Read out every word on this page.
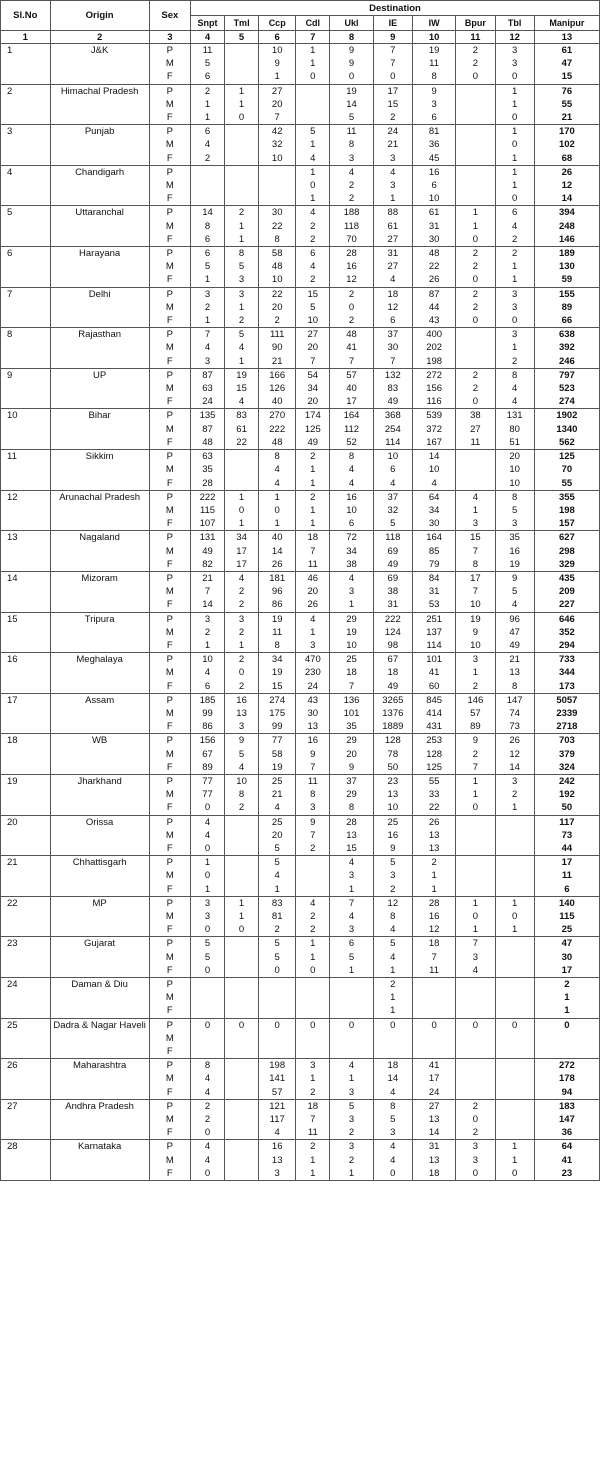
Sl.No	Origin	Sex	Destination									
			Snpt	Tml	Ccp	Cdl	Ukl	IE	IW	Bpur	Tbl	Manipur
1	2	3	4	5	6	7	8	9	10	11	12	13
1	J&K	P	11		10	1	9	7	19	2	3	61
		M	5		9	1	9	7	11	2	3	47
		F	6		1	0	0	0	8	0	0	15
2	Himachal Pradesh	P	2	1	27		19	17	9		1	76
		M	1	1	20		14	15	3		1	55
		F	1	0	7		5	2	6		0	21
3	Punjab	P	6		42	5	11	24	81		1	170
		M	4		32	1	8	21	36		0	102
		F	2		10	4	3	3	45		1	68
4	Chandigarh	P				1	4	4	16		1	26
		M				0	2	3	6		1	12
		F				1	2	1	10		0	14
5	Uttaranchal	P	14	2	30	4	188	88	61	1	6	394
		M	8	1	22	2	118	61	31	1	4	248
		F	6	1	8	2	70	27	30	0	2	146
6	Harayana	P	6	8	58	6	28	31	48	2	2	189
		M	5	5	48	4	16	27	22	2	1	130
		F	1	3	10	2	12	4	26	0	1	59
7	Delhi	P	3	3	22	15	2	18	87	2	3	155
		M	2	1	20	5	0	12	44	2	3	89
		F	1	2	2	10	2	6	43	0	0	66
8	Rajasthan	P	7	5	111	27	48	37	400		3	638
		M	4	4	90	20	41	30	202		1	392
		F	3	1	21	7	7	7	198		2	246
9	UP	P	87	19	166	54	57	132	272	2	8	797
		M	63	15	126	34	40	83	156	2	4	523
		F	24	4	40	20	17	49	116	0	4	274
10	Bihar	P	135	83	270	174	164	368	539	38	131	1902
		M	87	61	222	125	112	254	372	27	80	1340
		F	48	22	48	49	52	114	167	11	51	562
11	Sikkim	P	63		8	2	8	10	14		20	125
		M	35		4	1	4	6	10		10	70
		F	28		4	1	4	4	4		10	55
12	Arunachal Pradesh	P	222	1	1	2	16	37	64	4	8	355
		M	115	0	0	1	10	32	34	1	5	198
		F	107	1	1	1	6	5	30	3	3	157
13	Nagaland	P	131	34	40	18	72	118	164	15	35	627
		M	49	17	14	7	34	69	85	7	16	298
		F	82	17	26	11	38	49	79	8	19	329
14	Mizoram	P	21	4	181	46	4	69	84	17	9	435
		M	7	2	96	20	3	38	31	7	5	209
		F	14	2	86	26	1	31	53	10	4	227
15	Tripura	P	3	3	19	4	29	222	251	19	96	646
		M	2	2	11	1	19	124	137	9	47	352
		F	1	1	8	3	10	98	114	10	49	294
16	Meghalaya	P	10	2	34	470	25	67	101	3	21	733
		M	4	0	19	230	18	18	41	1	13	344
		F	6	2	15	24	7	49	60	2	8	173
17	Assam	P	185	16	274	43	136	3265	845	146	147	5057
		M	99	13	175	30	101	1376	414	57	74	2339
		F	86	3	99	13	35	1889	431	89	73	2718
18	WB	P	156	9	77	16	29	128	253	9	26	703
		M	67	5	58	9	20	78	128	2	12	379
		F	89	4	19	7	9	50	125	7	14	324
19	Jharkhand	P	77	10	25	11	37	23	55	1	3	242
		M	77	8	21	8	29	13	33	1	2	192
		F	0	2	4	3	8	10	22	0	1	50
20	Orissa	P	4		25	9	28	25	26			117
		M	4		20	7	13	16	13			73
		F	0		5	2	15	9	13			44
21	Chhattisgarh	P	1		5		4	5	2			17
		M	0		4		3	3	1			11
		F	1		1		1	2	1			6
22	MP	P	3	1	83	4	7	12	28	1	1	140
		M	3	1	81	2	4	8	16	0	0	115
		F	0	0	2	2	3	4	12	1	1	25
23	Gujarat	P	5		5	1	6	5	18	7		47
		M	5		5	1	5	4	7	3		30
		F	0		0	0	1	1	11	4		17
24	Daman & Diu	P						2				2
		M						1				1
		F						1				1
25	Dadra & Nagar Haveli	P	0	0	0	0	0	0	0	0	0	0
		M										
		F										
26	Maharashtra	P	8		198	3	4	18	41			272
		M	4		141	1	1	14	17			178
		F	4		57	2	3	4	24			94
27	Andhra Pradesh	P	2		121	18	5	8	27	2		183
		M	2		117	7	3	5	13	0		147
		F	0		4	11	2	3	14	2		36
28	Karnataka	P	4		16	2	3	4	31	3	1	64
		M	4		13	1	2	4	13	3	1	41
		F	0		3	1	1	0	18	0	0	23
